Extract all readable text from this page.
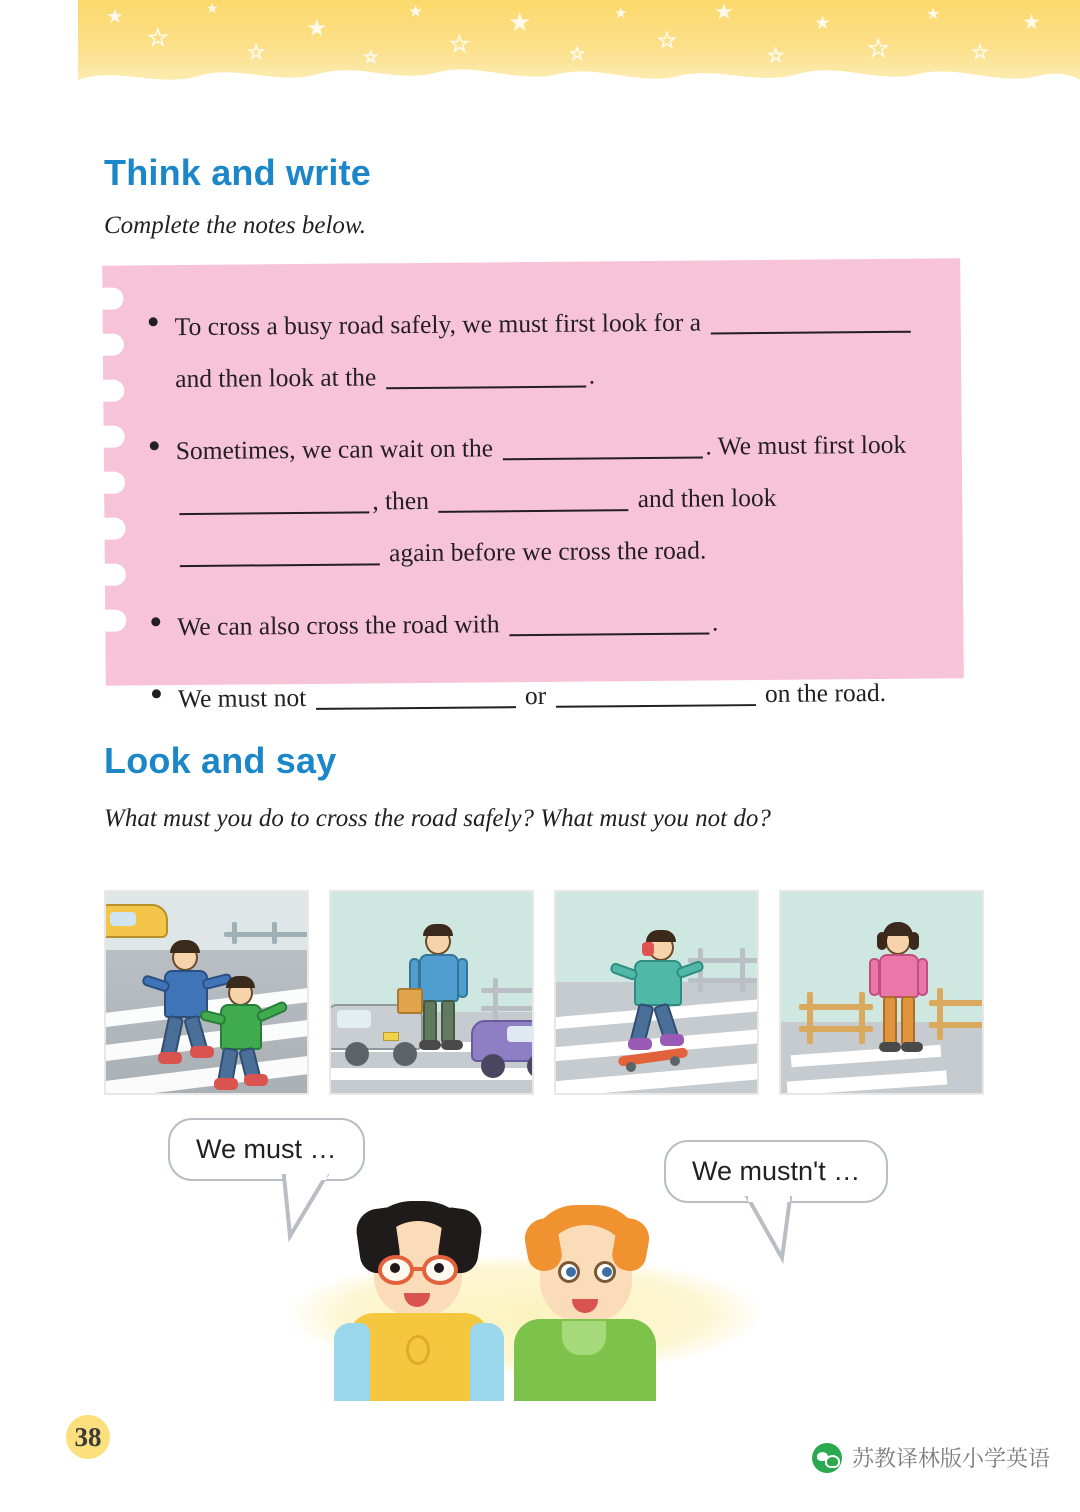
★
★
★
★
★
★
★
★
★
★
★
★
★
★
★
★
★
★
★
Think and write
Complete the notes below.
To cross a busy road safely, we must first look for a  and then look at the	.
Sometimes, we can wait on the	. We must first look , then	and then look  again before we cross the road.
We can also cross the road with	.
We must not	or	on the road.
Look and say
What must you do to cross the road safely? What must you not do?
We must …
We mustn't …
38
苏教译林版小学英语
